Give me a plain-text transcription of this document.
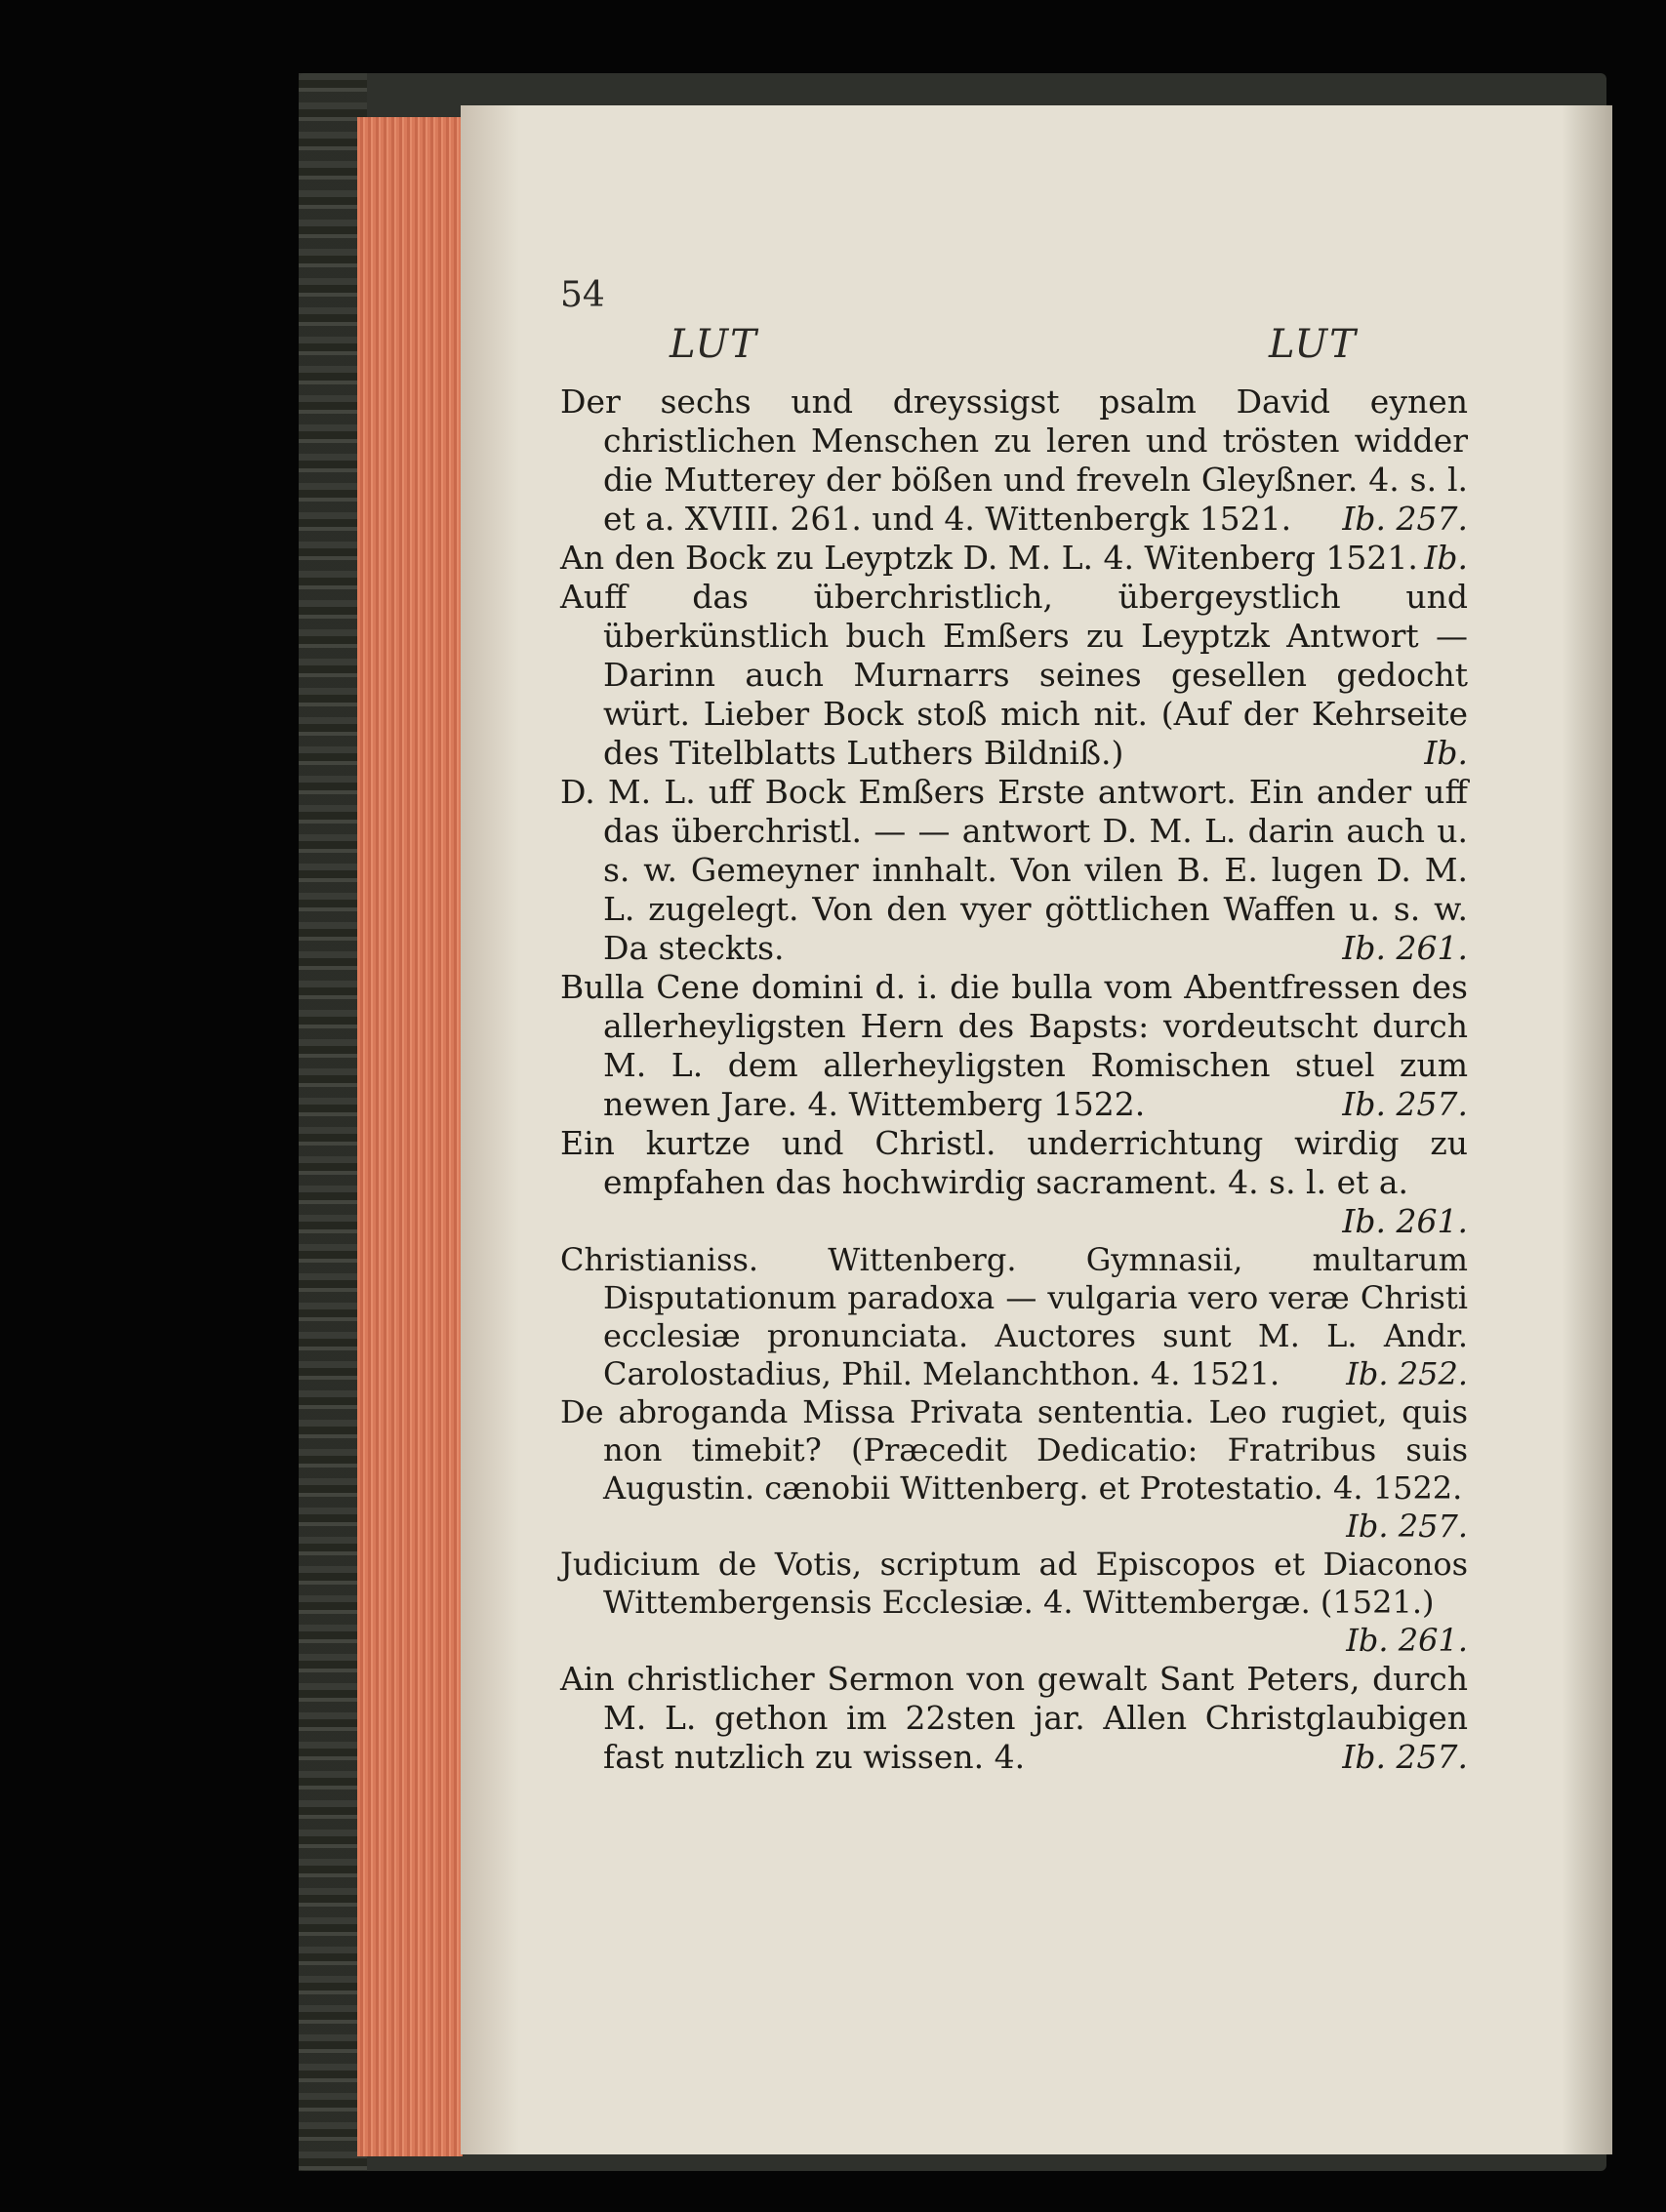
54
LUT	LUT

Der sechs und dreyssigst psalm David eynen christlichen Menschen zu leren und trösten widder die Mutterey der bößen und freveln Gleyßner. 4. s. l. et a. XVIII. 261. und 4. Wittenbergk 1521. Ib. 257.

An den Bock zu Leyptzk D. M. L. 4. Witenberg 1521. Ib.

Auff das überchristlich, übergeystlich und überkünstlich buch Emßers zu Leyptzk Antwort — Darinn auch Murnarrs seines gesellen gedocht würt. Lieber Bock stoß mich nit. (Auf der Kehrseite des Titelblatts Luthers Bildniß.)	Ib.

D. M. L. uff Bock Emßers Erste antwort. Ein ander uff das überchristl. — — antwort D. M. L. darin auch u. s. w. Gemeyner innhalt. Von vilen B. E. lugen D. M. L. zugelegt. Von den vyer göttlichen Waffen u. s. w. Da steckts.	Ib. 261.

Bulla Cene domini d. i. die bulla vom Abentfressen des allerheyligsten Hern des Bapsts: vordeutscht durch M. L. dem allerheyligsten Romischen stuel zum newen Jare. 4. Wittemberg 1522.	Ib. 257.

Ein kurtze und Christl. underrichtung wirdig zu empfahen das hochwirdig sacrament. 4. s. l. et a.
Ib. 261.

Christianiss. Wittenberg. Gymnasii, multarum Disputationum paradoxa — vulgaria vero veræ Christi ecclesiæ pronunciata. Auctores sunt M. L. Andr. Carolostadius, Phil. Melanchthon. 4. 1521. Ib. 252.

De abroganda Missa Privata sententia. Leo rugiet, quis non timebit? (Præcedit Dedicatio: Fratribus suis Augustin. cænobii Wittenberg. et Protestatio. 4. 1522.
Ib. 257.

Judicium de Votis, scriptum ad Episcopos et Diaconos Wittembergensis Ecclesiæ. 4. Wittembergæ. (1521.)
Ib. 261.

Ain christlicher Sermon von gewalt Sant Peters, durch M. L. gethon im 22sten jar. Allen Christglaubigen fast nutzlich zu wissen. 4.	Ib. 257.
